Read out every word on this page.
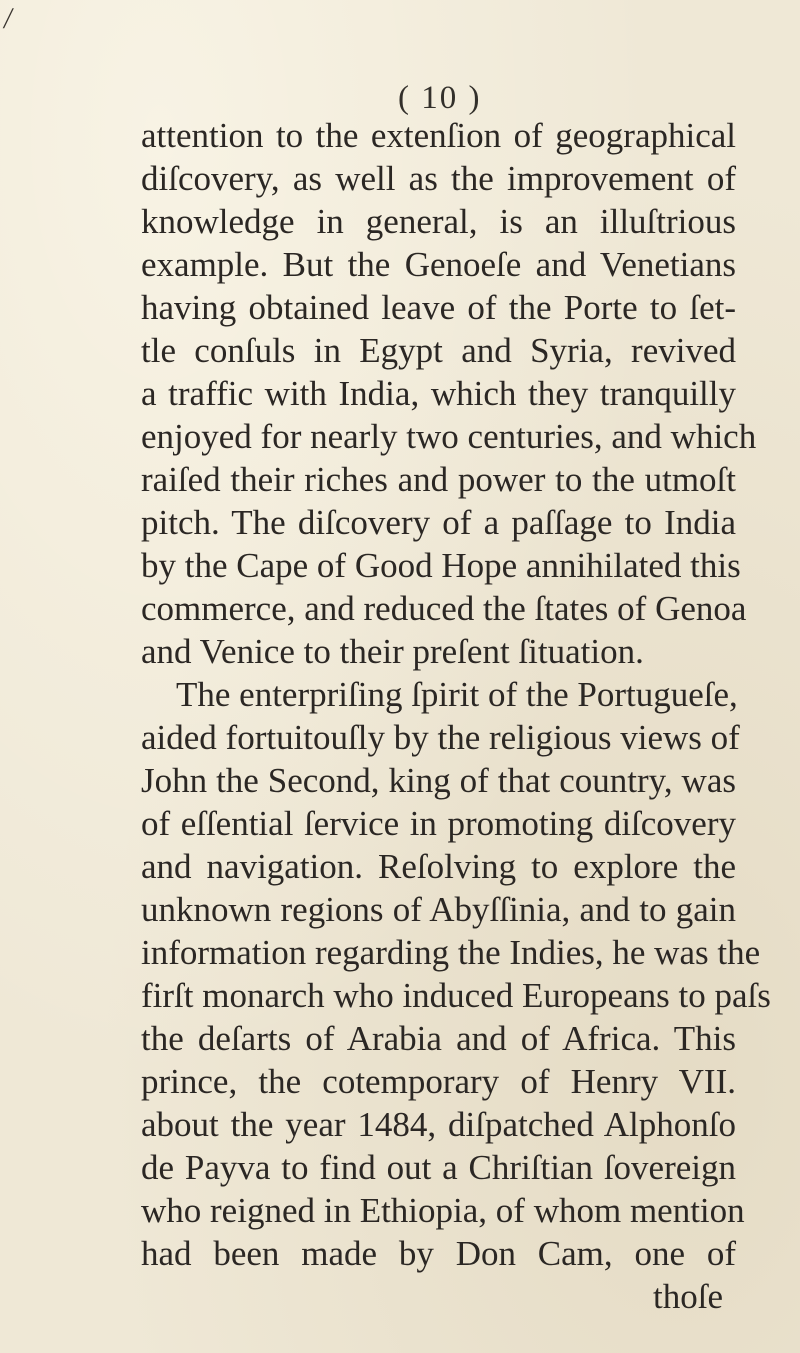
/
( 10 )
attention to the extenſion of geographical
diſcovery, as well as the improvement of
knowledge in general, is an illuſtrious
example. But the Genoeſe and Venetians
having obtained leave of the Porte to ſet-
tle conſuls in Egypt and Syria, revived
a traffic with India, which they tranquilly
enjoyed for nearly two centuries, and which
raiſed their riches and power to the utmoſt
pitch. The diſcovery of a paſſage to India
by the Cape of Good Hope annihilated this
commerce, and reduced the ſtates of Genoa
and Venice to their preſent ſituation.
The enterpriſing ſpirit of the Portugueſe,
aided fortuitouſly by the religious views of
John the Second, king of that country, was
of eſſential ſervice in promoting diſcovery
and navigation. Reſolving to explore the
unknown regions of Abyſſinia, and to gain
information regarding the Indies, he was the
firſt monarch who induced Europeans to paſs
the deſarts of Arabia and of Africa. This
prince, the cotemporary of Henry VII.
about the year 1484, diſpatched Alphonſo
de Payva to find out a Chriſtian ſovereign
who reigned in Ethiopia, of whom mention
had been made by Don Cam, one of
thoſe
